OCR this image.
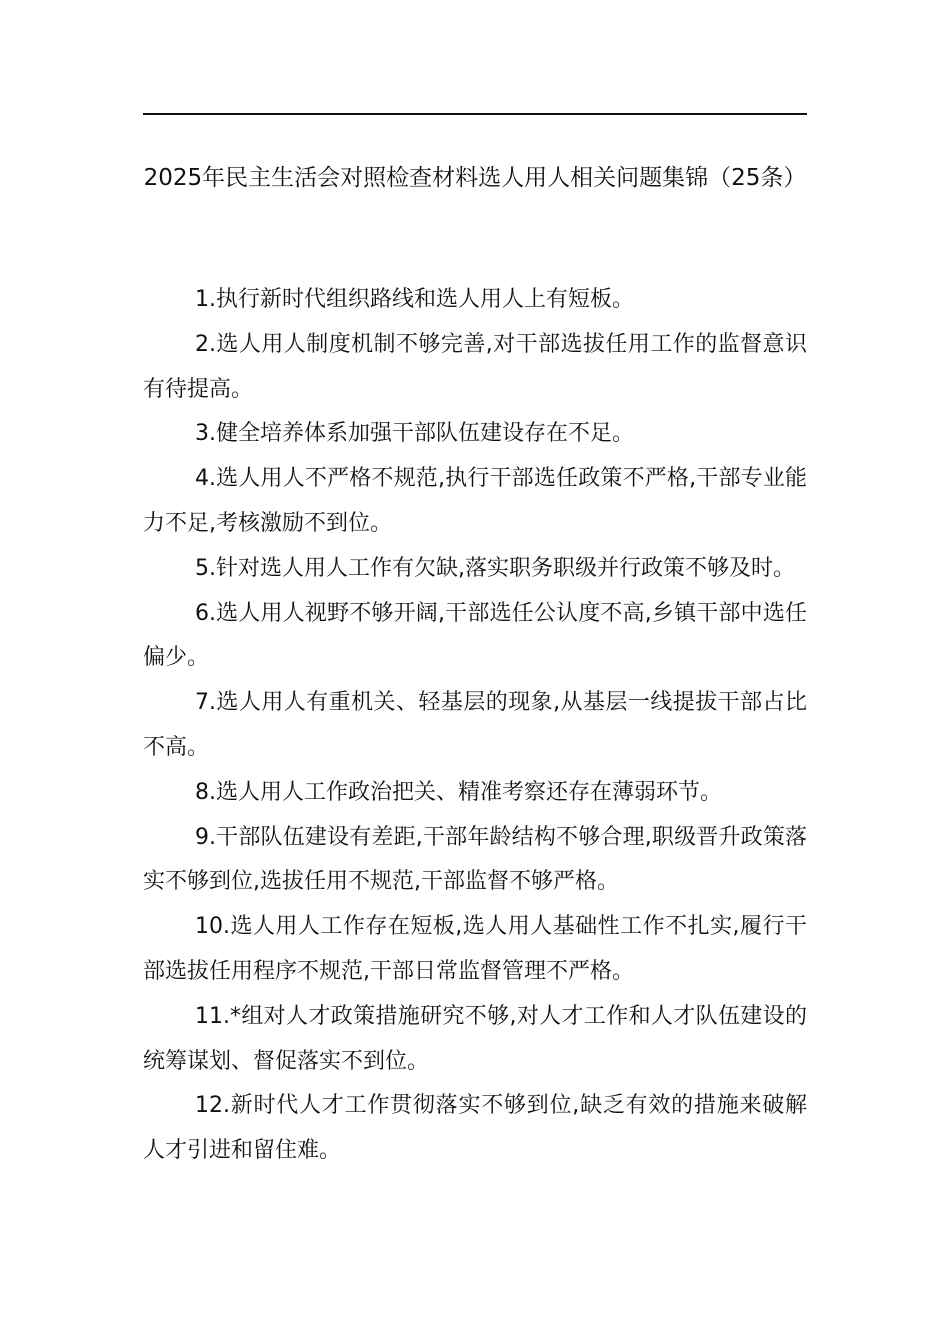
2025年民主生活会对照检查材料选人用人相关问题集锦（25条）

1.执行新时代组织路线和选人用人上有短板。

2.选人用人制度机制不够完善,对干部选拔任用工作的监督意识有待提高。

3.健全培养体系加强干部队伍建设存在不足。

4.选人用人不严格不规范,执行干部选任政策不严格,干部专业能力不足,考核激励不到位。

5.针对选人用人工作有欠缺,落实职务职级并行政策不够及时。

6.选人用人视野不够开阔,干部选任公认度不高,乡镇干部中选任偏少。

7.选人用人有重机关、轻基层的现象,从基层一线提拔干部占比不高。

8.选人用人工作政治把关、精准考察还存在薄弱环节。

9.干部队伍建设有差距,干部年龄结构不够合理,职级晋升政策落实不够到位,选拔任用不规范,干部监督不够严格。

10.选人用人工作存在短板,选人用人基础性工作不扎实,履行干部选拔任用程序不规范,干部日常监督管理不严格。

11.*组对人才政策措施研究不够,对人才工作和人才队伍建设的统筹谋划、督促落实不到位。

12.新时代人才工作贯彻落实不够到位,缺乏有效的措施来破解人才引进和留住难。
